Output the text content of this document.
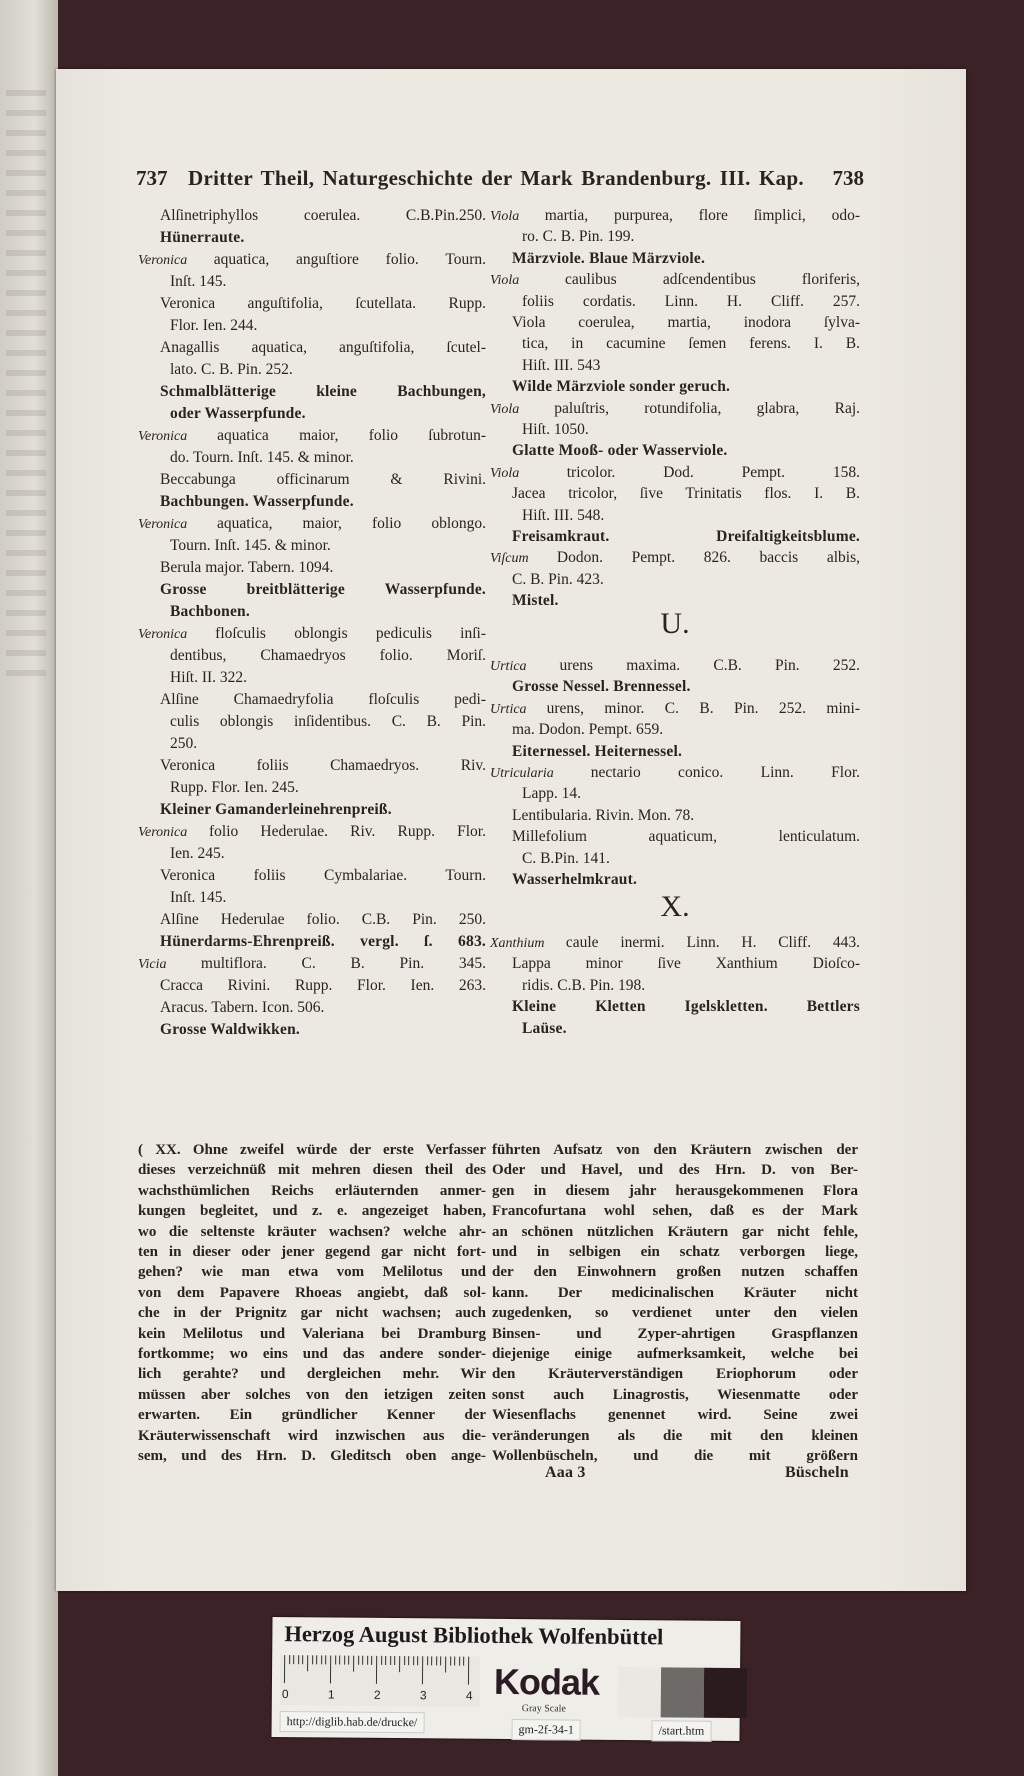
737 Dritter Theil, Naturgeschichte der Mark Brandenburg. III. Kap. 738
Alſinetriphyllos coerulea. C.B.Pin.250.
Hünerraute.
Veronica aquatica, anguſtiore folio. Tourn.
Inſt. 145.
Veronica anguſtifolia, ſcutellata. Rupp.
Flor. Ien. 244.
Anagallis aquatica, anguſtifolia, ſcutel-
lato. C. B. Pin. 252.
Schmalblätterige kleine Bachbungen,
oder Wasserpfunde.
Veronica aquatica maior, folio ſubrotun-
do. Tourn. Inſt. 145. & minor.
Beccabunga officinarum & Rivini.
Bachbungen. Wasserpfunde.
Veronica aquatica, maior, folio oblongo.
Tourn. Inſt. 145. & minor.
Berula major. Tabern. 1094.
Grosse breitblätterige Wasserpfunde.
Bachbonen.
Veronica floſculis oblongis pediculis inſi-
dentibus, Chamaedryos folio. Moriſ.
Hiſt. II. 322.
Alſine Chamaedryfolia floſculis pedi-
culis oblongis inſidentibus. C. B. Pin.
250.
Veronica foliis Chamaedryos. Riv.
Rupp. Flor. Ien. 245.
Kleiner Gamanderleinehrenpreiß.
Veronica folio Hederulae. Riv. Rupp. Flor.
Ien. 245.
Veronica foliis Cymbalariae. Tourn.
Inſt. 145.
Alſine Hederulae folio. C.B. Pin. 250.
Hünerdarms-Ehrenpreiß. vergl. ſ. 683.
Vicia multiflora. C. B. Pin. 345.
Cracca Rivini. Rupp. Flor. Ien. 263.
Aracus. Tabern. Icon. 506.
Grosse Waldwikken.
Viola martia, purpurea, flore ſimplici, odo-
ro. C. B. Pin. 199.
Märzviole. Blaue Märzviole.
Viola caulibus adſcendentibus floriferis,
foliis cordatis. Linn. H. Cliff. 257.
Viola coerulea, martia, inodora ſylva-
tica, in cacumine ſemen ferens. I. B.
Hiſt. III. 543
Wilde Märzviole sonder geruch.
Viola paluſtris, rotundifolia, glabra, Raj.
Hiſt. 1050.
Glatte Mooß- oder Wasserviole.
Viola tricolor. Dod. Pempt. 158.
Jacea tricolor, ſive Trinitatis flos. I. B.
Hiſt. III. 548.
Freisamkraut. Dreifaltigkeitsblume.
Viſcum Dodon. Pempt. 826. baccis albis,
C. B. Pin. 423.
Mistel.
U.
Urtica urens maxima. C.B. Pin. 252.
Grosse Nessel. Brennessel.
Urtica urens, minor. C. B. Pin. 252. mini-
ma. Dodon. Pempt. 659.
Eiternessel. Heiternessel.
Utricularia nectario conico. Linn. Flor.
Lapp. 14.
Lentibularia. Rivin. Mon. 78.
Millefolium aquaticum, lenticulatum.
C. B.Pin. 141.
Wasserhelmkraut.
X.
Xanthium caule inermi. Linn. H. Cliff. 443.
Lappa minor ſive Xanthium Dioſco-
ridis. C.B. Pin. 198.
Kleine Kletten Igelskletten. Bettlers
Laüse.
( XX. Ohne zweifel würde der erste Verfasser
dieses verzeichnüß mit mehren diesen theil des
wachsthümlichen Reichs erläuternden anmer-
kungen begleitet, und z. e. angezeiget haben,
wo die seltenste kräuter wachsen? welche ahr-
ten in dieser oder jener gegend gar nicht fort-
gehen? wie man etwa vom Melilotus und
von dem Papavere Rhoeas angiebt, daß sol-
che in der Prignitz gar nicht wachsen; auch
kein Melilotus und Valeriana bei Dramburg
fortkomme; wo eins und das andere sonder-
lich gerahte? und dergleichen mehr. Wir
müssen aber solches von den ietzigen zeiten
erwarten. Ein gründlicher Kenner der
Kräuterwissenschaft wird inzwischen aus die-
sem, und des Hrn. D. Gleditsch oben ange-
führten Aufsatz von den Kräutern zwischen der
Oder und Havel, und des Hrn. D. von Ber-
gen in diesem jahr herausgekommenen Flora
Francofurtana wohl sehen, daß es der Mark
an schönen nützlichen Kräutern gar nicht fehle,
und in selbigen ein schatz verborgen liege,
der den Einwohnern großen nutzen schaffen
kann. Der medicinalischen Kräuter nicht
zugedenken, so verdienet unter den vielen
Binsen- und Zyper-ahrtigen Graspflanzen
diejenige einige aufmerksamkeit, welche bei
den Kräuterverständigen Eriophorum oder
sonst auch Linagrostis, Wiesenmatte oder
Wiesenflachs genennet wird. Seine zwei
veränderungen als die mit den kleinen
Wollenbüscheln, und die mit größern
Aaa 3	Büscheln
Herzog August Bibliothek Wolfenbüttel
0	1	2	3	4 Kodak
Gray Scale
http://diglib.hab.de/drucke/
gm-2f-34-1	/start.htm
